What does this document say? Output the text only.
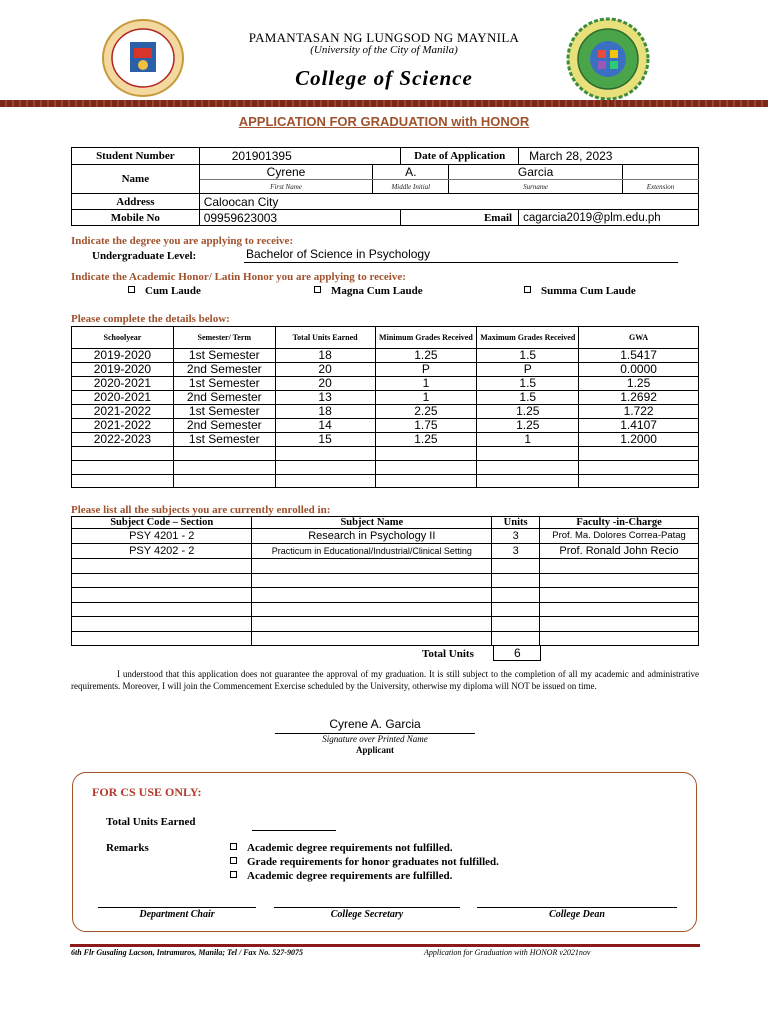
PAMANTASAN NG LUNGSOD NG MAYNILA
(University of the City of Manila)
College of Science
APPLICATION FOR GRADUATION with HONOR
Student Number	201901395		Date of Application		March 28, 2023	
Name	Cyrene	A.		Garcia		
	First Name	Middle Initial		Surname		Extension
Address	Caloocan City					
Mobile No	09959623003		Email		cagarcia2019@plm.edu.ph	
Indicate the degree you are applying to receive:
Undergraduate Level:	Bachelor of Science in Psychology
Indicate the Academic Honor/ Latin Honor you are applying to receive:
Cum Laude	Magna Cum Laude	Summa Cum Laude
Please complete the details below:
Schoolyear	Semester/ Term	Total Units Earned	Minimum Grades Received	Maximum Grades Received	GWA
2019-2020	1st Semester	18	1.25	1.5	1.5417
2019-2020	2nd Semester	20	P	P	0.0000
2020-2021	1st Semester	20	1	1.5	1.25
2020-2021	2nd Semester	13	1	1.5	1.2692
2021-2022	1st Semester	18	2.25	1.25	1.722
2021-2022	2nd Semester	14	1.75	1.25	1.4107
2022-2023	1st Semester	15	1.25	1	1.2000

Please list all the subjects you are currently enrolled in:
Subject Code – Section	Subject Name	Units	Faculty -in-Charge
PSY 4201 - 2	Research in Psychology II	3	Prof. Ma. Dolores Correa-Patag
PSY 4202 - 2	Practicum in Educational/Industrial/Clinical Setting	3	Prof. Ronald John Recio

Total Units	6
I understood that this application does not guarantee the approval of my graduation. It is still subject to the completion of all my academic and administrative requirements. Moreover, I will join the Commencement Exercise scheduled by the University, otherwise my diploma will NOT be issued on time.
Cyrene A. Garcia
Signature over Printed Name
Applicant
FOR CS USE ONLY:
Total Units Earned
Remarks	Academic degree requirements not fulfilled.
Grade requirements for honor graduates not fulfilled.
Academic degree requirements are fulfilled.
Department Chair	College Secretary	College Dean
6th Flr Gusaling Lacson, Intramuros, Manila; Tel / Fax No. 527-9075	Application for Graduation with HONOR v2021nov
